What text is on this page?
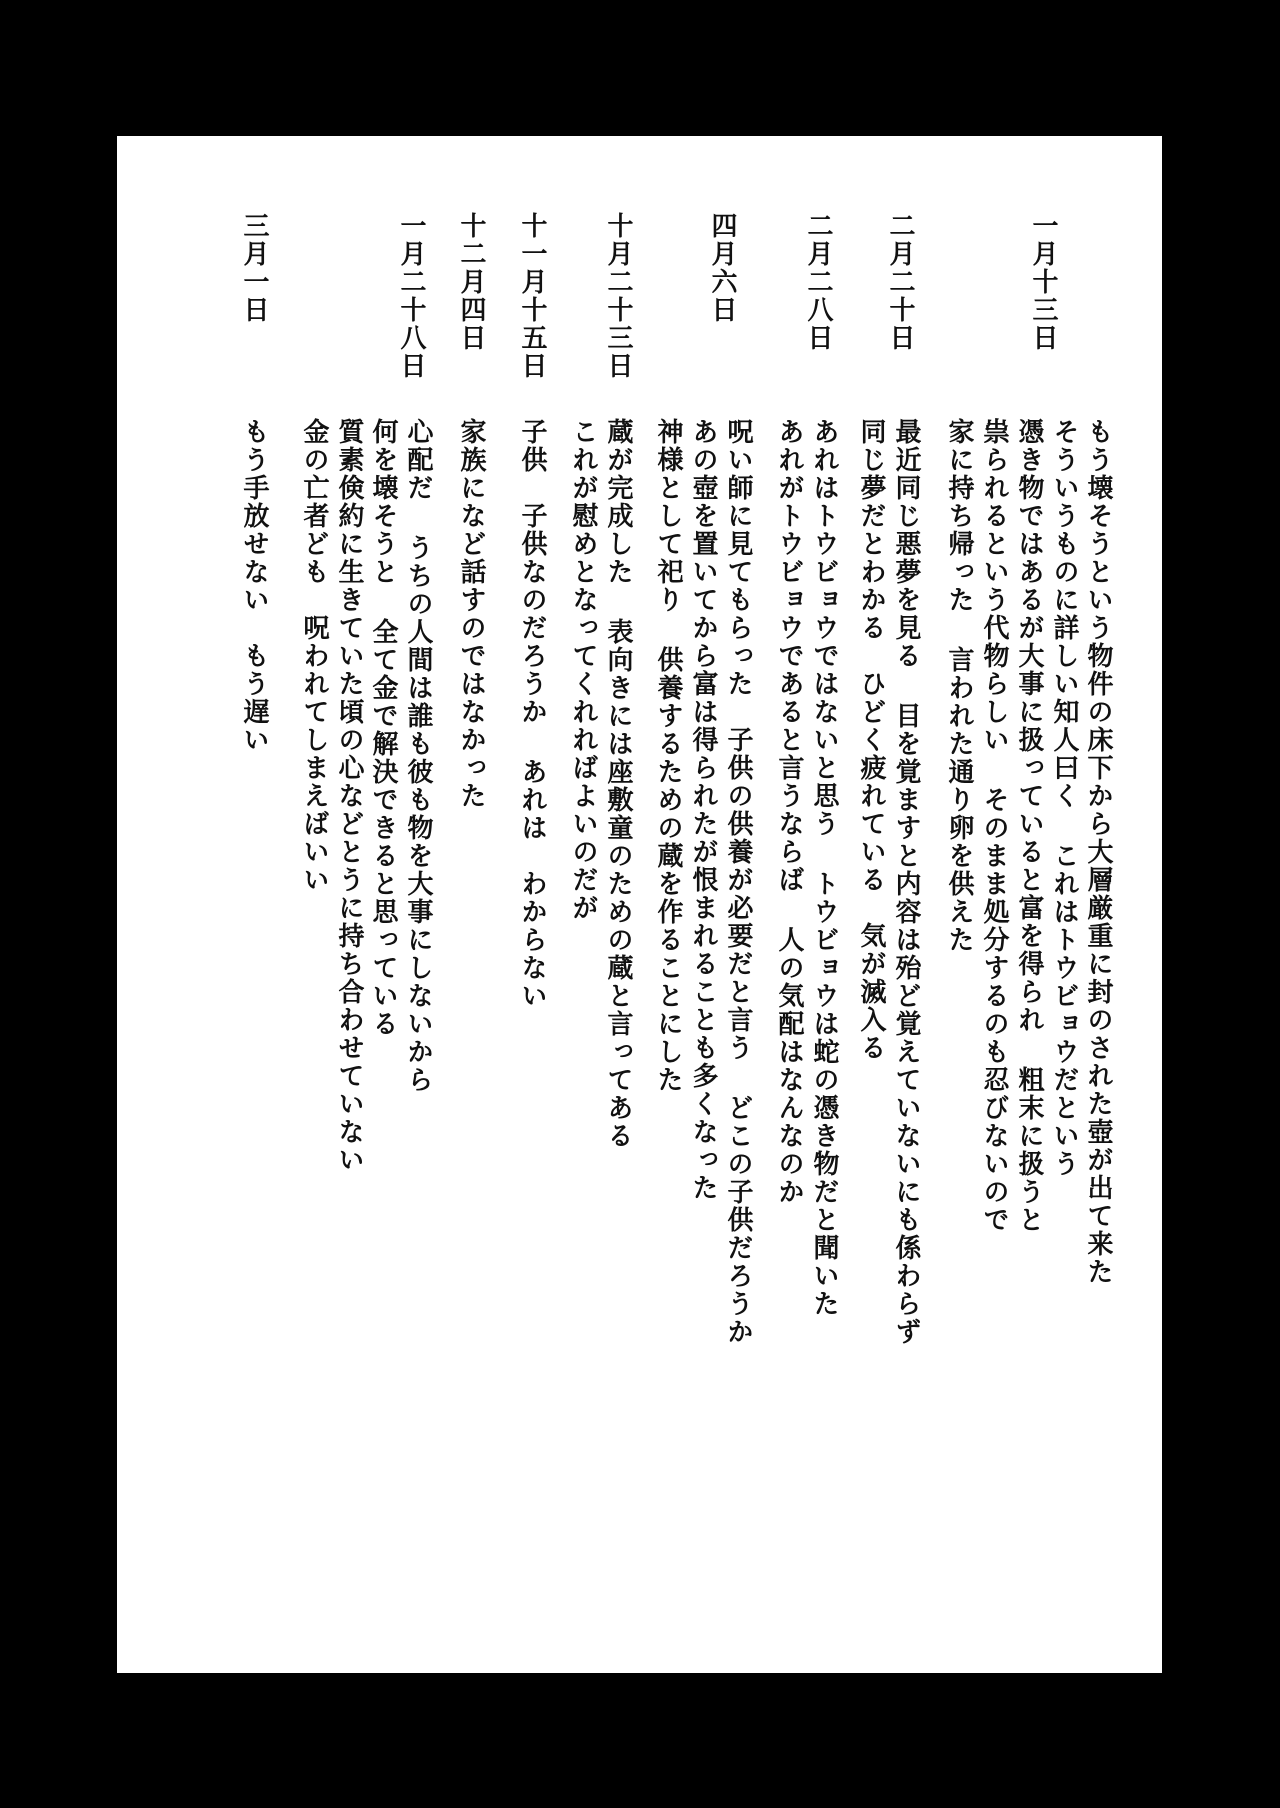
一月十三日
もう壊そうという物件の床下から大層厳重に封のされた壺が出て来た
そういうものに詳しい知人曰く これはトウビョウだという
憑き物ではあるが大事に扱っていると富を得られ 粗末に扱うと
祟られるという代物らしい そのまま処分するのも忍びないので
家に持ち帰った 言われた通り卵を供えた
二月二十日
最近同じ悪夢を見る 目を覚ますと内容は殆ど覚えていないにも係わらず
同じ夢だとわかる　ひどく疲れている　気が滅入る
二月二八日
あれはトウビョウではないと思う トウビョウは蛇の憑き物だと聞いた
あれがトウビョウであると言うならば 人の気配はなんなのか
四月六日
呪い師に見てもらった　子供の供養が必要だと言う どこの子供だろうか
あの壺を置いてから富は得られたが恨まれることも多くなった
神様として祀り 供養するための蔵を作ることにした
十月二十三日
蔵が完成した 表向きには座敷童のための蔵と言ってある
これが慰めとなってくれればよいのだが
十一月十五日
子供　子供なのだろうか あれは　わからない
十二月四日
家族になど話すのではなかった
一月二十八日
心配だ うちの人間は誰も彼も物を大事にしないから
何を壊そうと 全て金で解決できると思っている
質素倹約に生きていた頃の心などとうに持ち合わせていない
金の亡者ども　呪われてしまえばいい
三月一日
もう手放せない　もう遅い
